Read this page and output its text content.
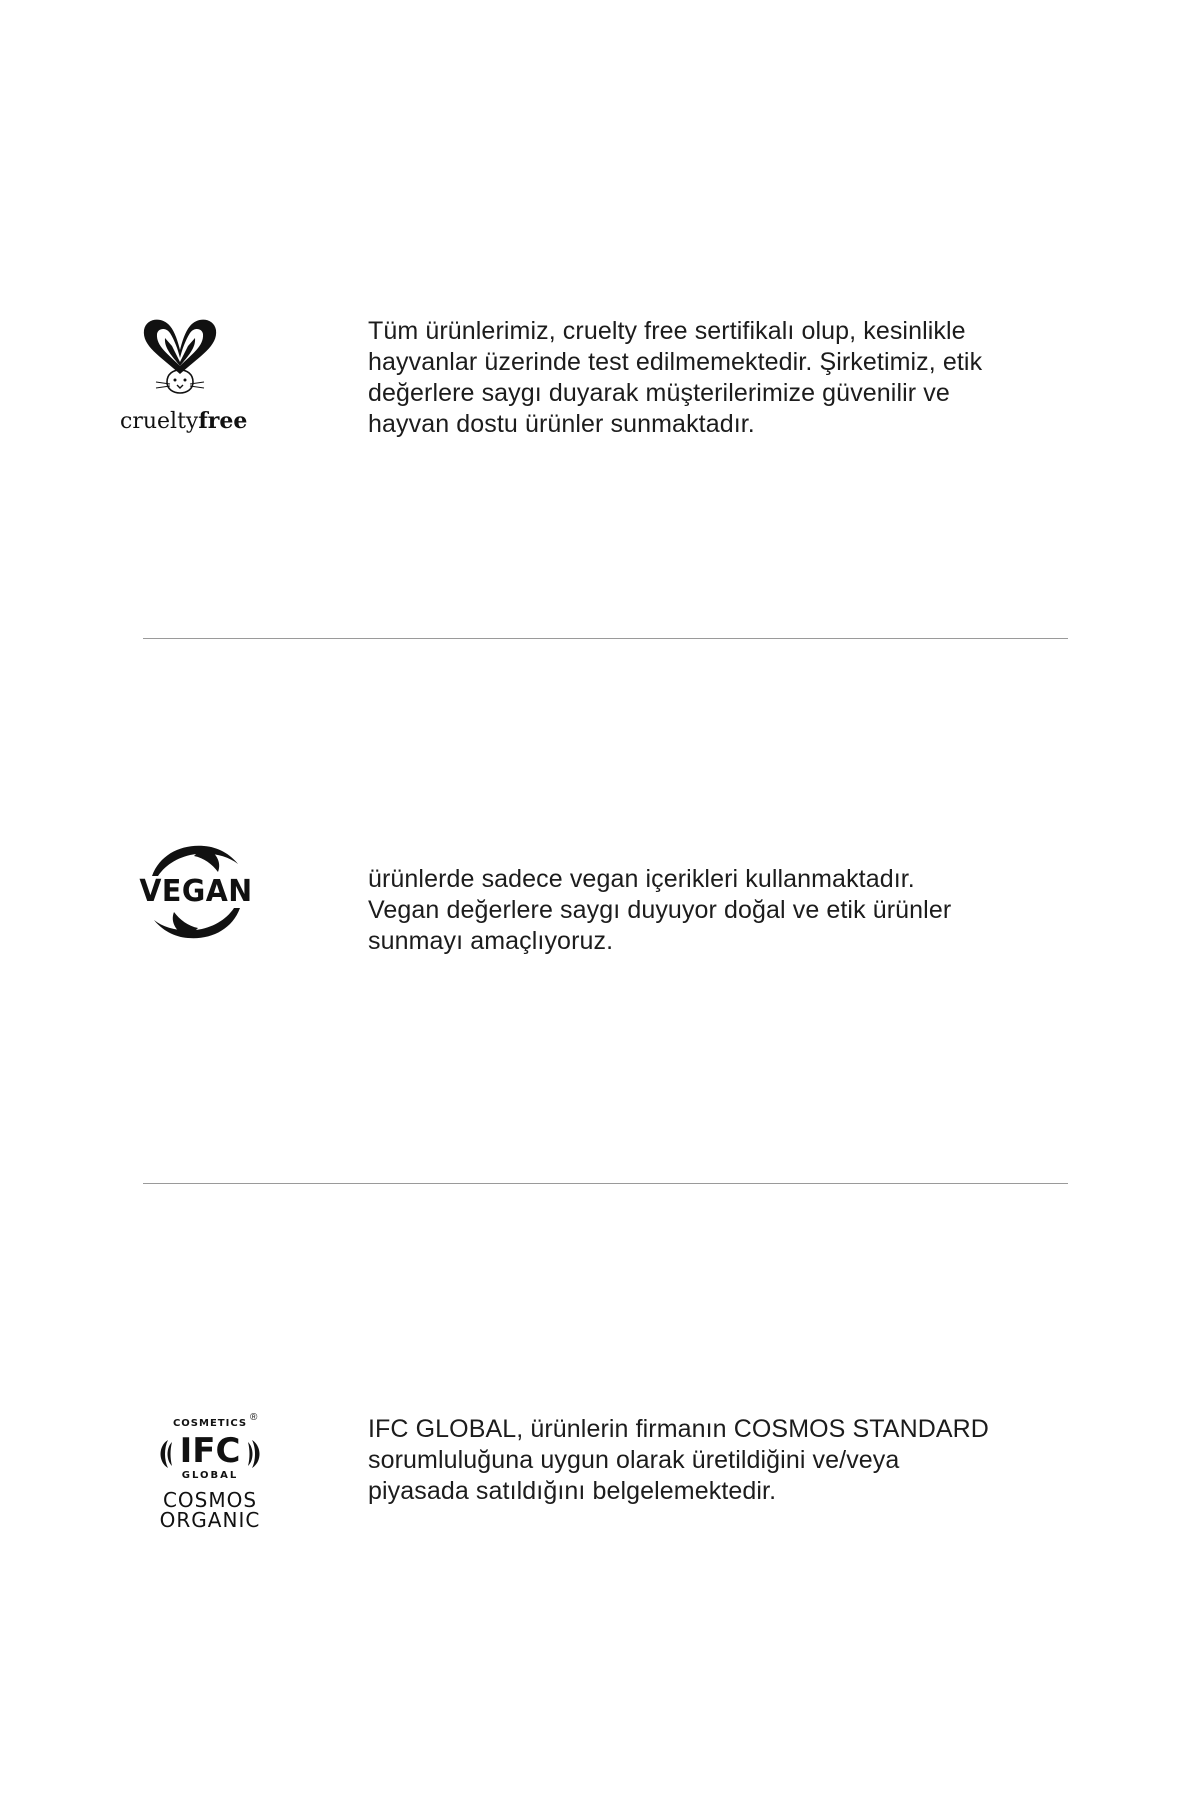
crueltyfree
Tüm ürünlerimiz, cruelty free sertifikalı olup, kesinlikle
hayvanlar üzerinde test edilmemektedir. Şirketimiz, etik
değerlere saygı duyarak müşterilerimize güvenilir ve
hayvan dostu ürünler sunmaktadır.
VEGAN	ürünlerde sadece vegan içerikleri kullanmaktadır.
Vegan değerlere saygı duyuyor doğal ve etik ürünler
sunmayı amaçlıyoruz.
COSMETICS
®
IFC
GLOBAL
COSMOS
ORGANIC
IFC GLOBAL, ürünlerin firmanın COSMOS STANDARD
sorumluluğuna uygun olarak üretildiğini ve/veya
piyasada satıldığını belgelemektedir.
